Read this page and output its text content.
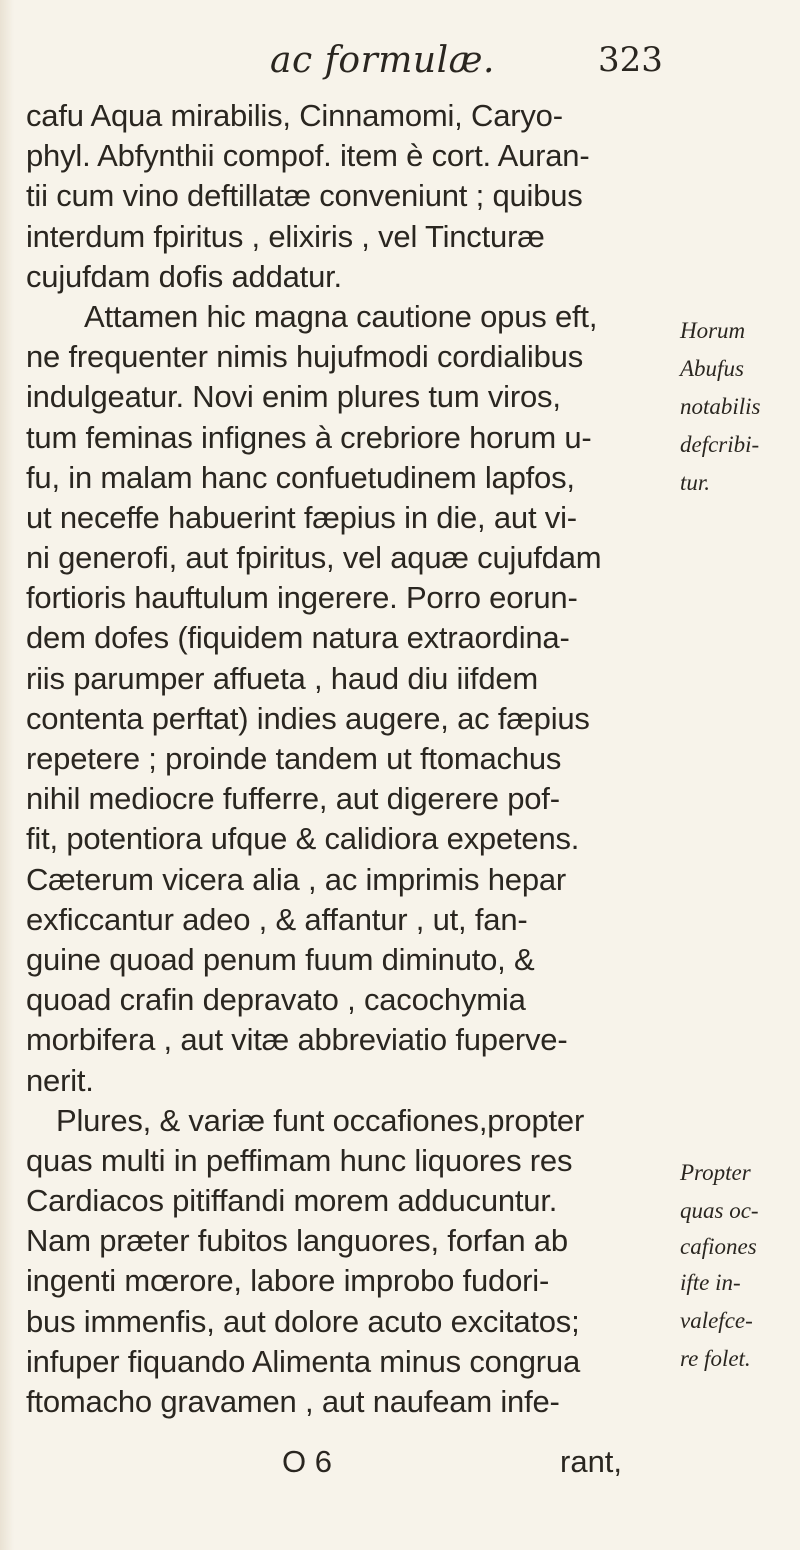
ac formulæ.	323
cafu Aqua mirabilis, Cinnamomi, Caryo-
phyl. Abfynthii compof. item è cort. Auran-
tii cum vino deftillatæ conveniunt ; quibus
interdum fpiritus , elixiris , vel Tincturæ
cujufdam dofis addatur.
Attamen hic magna cautione opus eft,
ne frequenter nimis hujufmodi cordialibus
indulgeatur. Novi enim plures tum viros,
tum feminas infignes à crebriore horum u-
fu, in malam hanc confuetudinem lapfos,
ut neceffe habuerint fæpius in die, aut vi-
ni generofi, aut fpiritus, vel aquæ cujufdam
fortioris hauftulum ingerere. Porro eorun-
dem dofes (fiquidem natura extraordina-
riis parumper affueta , haud diu iifdem
contenta perftat) indies augere, ac fæpius
repetere ; proinde tandem ut ftomachus
nihil mediocre fufferre, aut digerere pof-
fit, potentiora ufque & calidiora expetens.
Cæterum vicera alia , ac imprimis hepar
exficcantur adeo , & affantur , ut, fan-
guine quoad penum fuum diminuto, &
quoad crafin depravato , cacochymia
morbifera , aut vitæ abbreviatio fuperve-
nerit.
Plures, & variæ funt occafiones,propter
quas multi in peffimam hunc liquores res
Cardiacos pitiffandi morem adducuntur.
Nam præter fubitos languores, forfan ab
ingenti mœrore, labore improbo fudori-
bus immenfis, aut dolore acuto excitatos;
infuper fiquando Alimenta minus congrua
ftomacho gravamen , aut naufeam infe-
Horum
Abufus
notabilis
defcribi-
tur.
Propter
quas oc-
cafiones
ifte in-
valefce-
re folet.
O 6	rant,
